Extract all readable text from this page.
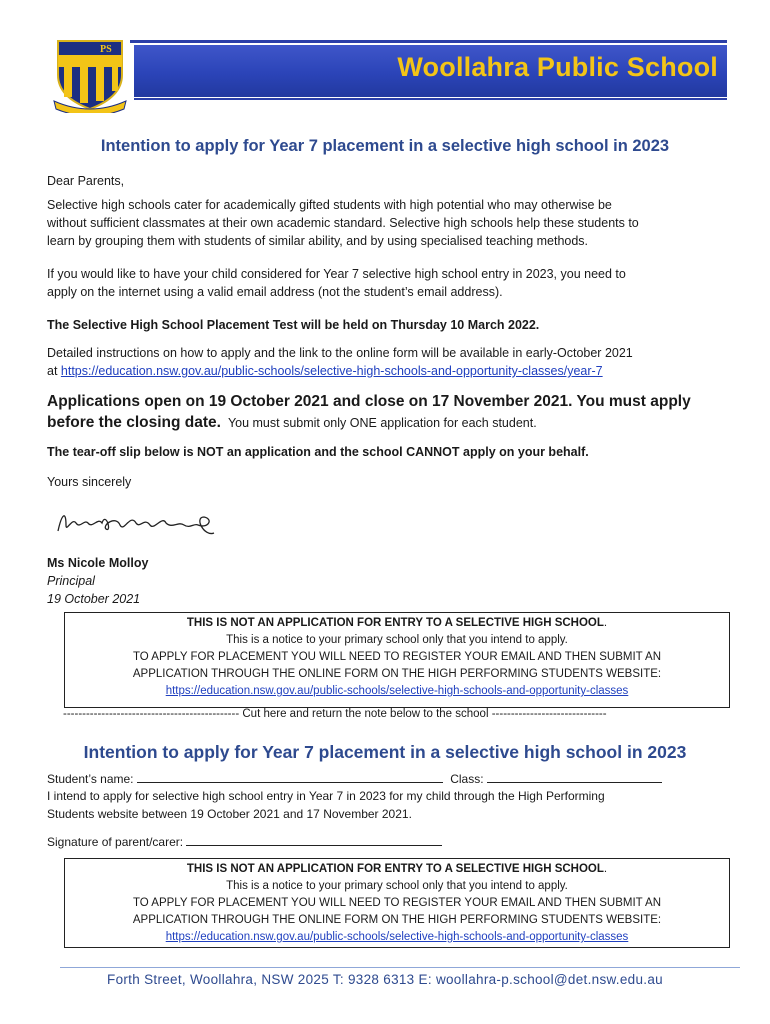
PS
Woollahra Public School
Intention to apply for Year 7 placement in a selective high school in 2023
Dear Parents,
Selective high schools cater for academically gifted students with high potential who may otherwise be
without sufficient classmates at their own academic standard. Selective high schools help these students to
learn by grouping them with students of similar ability, and by using specialised teaching methods.
If you would like to have your child considered for Year 7 selective high school entry in 2023, you need to
apply on the internet using a valid email address (not the student’s email address).
The Selective High School Placement Test will be held on Thursday 10 March 2022.
Detailed instructions on how to apply and the link to the online form will be available in early-October 2021
at https://education.nsw.gov.au/public-schools/selective-high-schools-and-opportunity-classes/year-7
Applications open on 19 October 2021 and close on 17 November 2021. You must apply
before the closing date. You must submit only ONE application for each student.
The tear-off slip below is NOT an application and the school CANNOT apply on your behalf.
Yours sincerely
Ms Nicole Molloy
Principal
19 October 2021
THIS IS NOT AN APPLICATION FOR ENTRY TO A SELECTIVE HIGH SCHOOL.
This is a notice to your primary school only that you intend to apply.
TO APPLY FOR PLACEMENT YOU WILL NEED TO REGISTER YOUR EMAIL AND THEN SUBMIT AN
APPLICATION THROUGH THE ONLINE FORM ON THE HIGH PERFORMING STUDENTS WEBSITE:
https://education.nsw.gov.au/public-schools/selective-high-schools-and-opportunity-classes
---------------------------------------------- Cut here and return the note below to the school ------------------------------
Intention to apply for Year 7 placement in a selective high school in 2023
Student’s name:	Class:
I intend to apply for selective high school entry in Year 7 in 2023 for my child through the High Performing
Students website between 19 October 2021 and 17 November 2021.
Signature of parent/carer:
THIS IS NOT AN APPLICATION FOR ENTRY TO A SELECTIVE HIGH SCHOOL.
This is a notice to your primary school only that you intend to apply.
TO APPLY FOR PLACEMENT YOU WILL NEED TO REGISTER YOUR EMAIL AND THEN SUBMIT AN
APPLICATION THROUGH THE ONLINE FORM ON THE HIGH PERFORMING STUDENTS WEBSITE:
https://education.nsw.gov.au/public-schools/selective-high-schools-and-opportunity-classes
Forth Street, Woollahra, NSW 2025 T: 9328 6313 E: woollahra-p.school@det.nsw.edu.au
